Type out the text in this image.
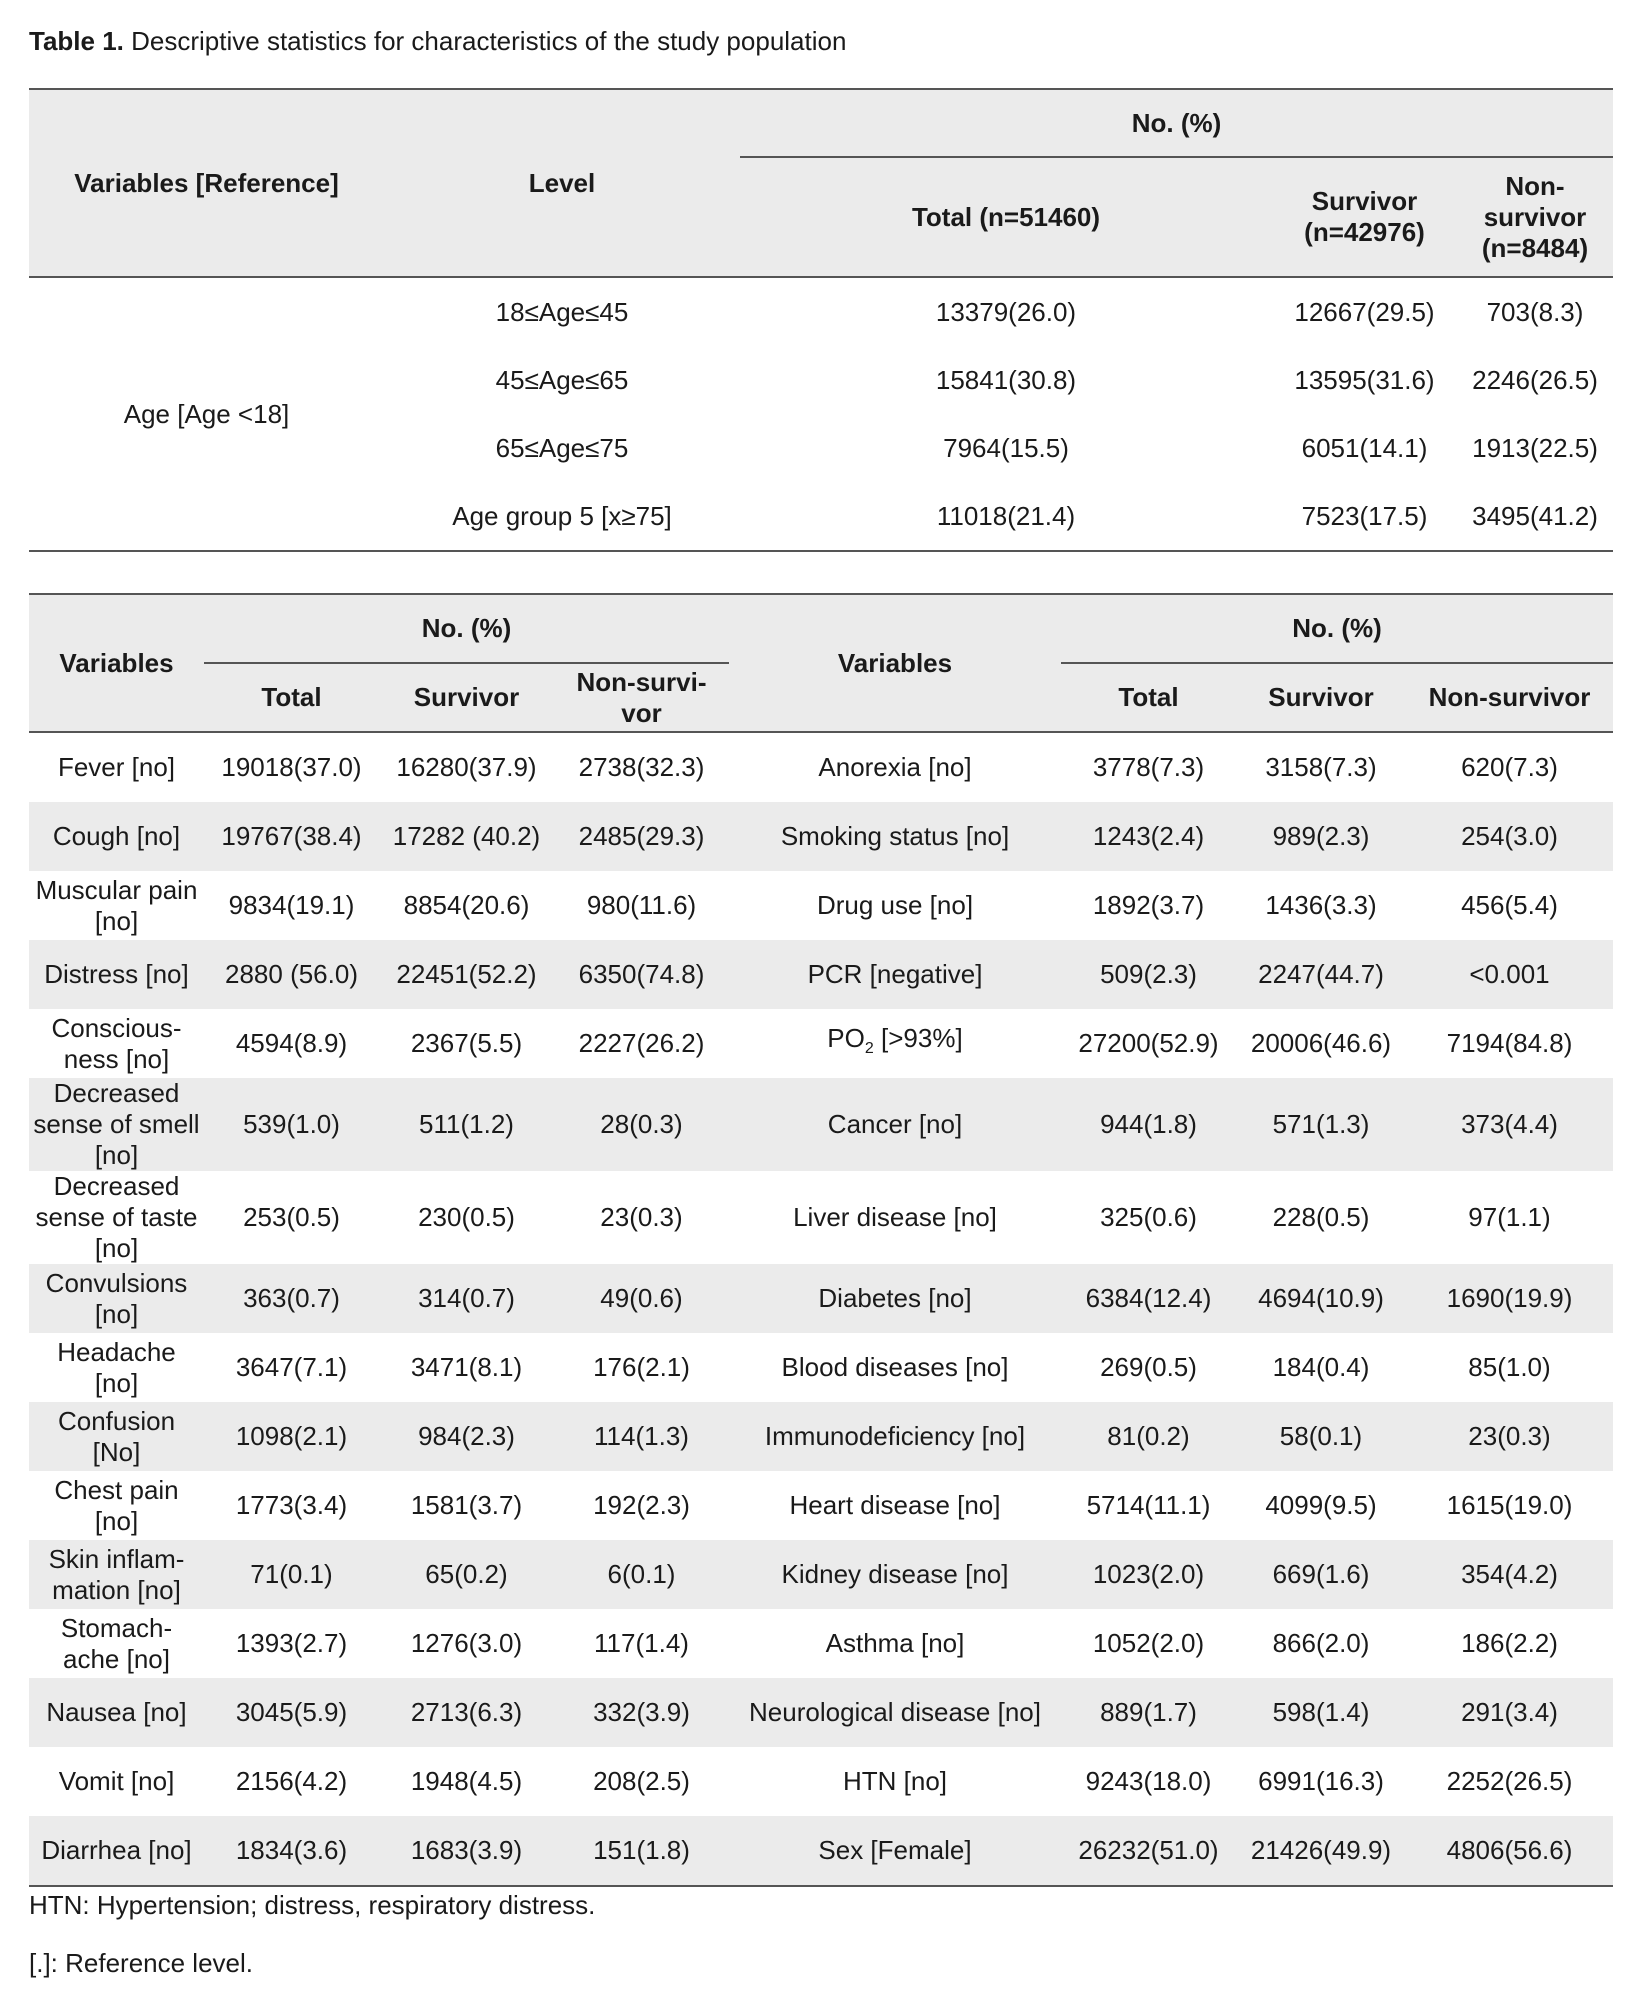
Table 1. Descriptive statistics for characteristics of the study population
Variables [Reference]	Level	No. (%)		
		Total (n=51460)	Survivor (n=42976)	Non-survivor (n=8484)
Age [Age <18]	18≤Age≤45	13379(26.0)	12667(29.5)	703(8.3)
	45≤Age≤65	15841(30.8)	13595(31.6)	2246(26.5)
	65≤Age≤75	7964(15.5)	6051(14.1)	1913(22.5)
	Age group 5 [x≥75]	11018(21.4)	7523(17.5)	3495(41.2)
Variables	No. (%)			Variables	No. (%)		
	Total	Survivor	Non-survi-vor		Total	Survivor	Non-survivor
Fever [no]	19018(37.0)	16280(37.9)	2738(32.3)	Anorexia [no]	3778(7.3)	3158(7.3)	620(7.3)
Cough [no]	19767(38.4)	17282 (40.2)	2485(29.3)	Smoking status [no]	1243(2.4)	989(2.3)	254(3.0)
Muscular pain [no]	9834(19.1)	8854(20.6)	980(11.6)	Drug use [no]	1892(3.7)	1436(3.3)	456(5.4)
Distress [no]	2880 (56.0)	22451(52.2)	6350(74.8)	PCR [negative]	509(2.3)	2247(44.7)	<0.001
Conscious-ness [no]	4594(8.9)	2367(5.5)	2227(26.2)	$PO_2$ [>93%]	27200(52.9)	20006(46.6)	7194(84.8)
Decreased sense of smell [no]	539(1.0)	511(1.2)	28(0.3)	Cancer [no]	944(1.8)	571(1.3)	373(4.4)
Decreased sense of taste [no]	253(0.5)	230(0.5)	23(0.3)	Liver disease [no]	325(0.6)	228(0.5)	97(1.1)
Convulsions [no]	363(0.7)	314(0.7)	49(0.6)	Diabetes [no]	6384(12.4)	4694(10.9)	1690(19.9)
Headache [no]	3647(7.1)	3471(8.1)	176(2.1)	Blood diseases [no]	269(0.5)	184(0.4)	85(1.0)
Confusion [No]	1098(2.1)	984(2.3)	114(1.3)	Immunodeficiency [no]	81(0.2)	58(0.1)	23(0.3)
Chest pain [no]	1773(3.4)	1581(3.7)	192(2.3)	Heart disease [no]	5714(11.1)	4099(9.5)	1615(19.0)
Skin inflam-mation [no]	71(0.1)	65(0.2)	6(0.1)	Kidney disease [no]	1023(2.0)	669(1.6)	354(4.2)
Stomach-ache [no]	1393(2.7)	1276(3.0)	117(1.4)	Asthma [no]	1052(2.0)	866(2.0)	186(2.2)
Nausea [no]	3045(5.9)	2713(6.3)	332(3.9)	Neurological disease [no]	889(1.7)	598(1.4)	291(3.4)
Vomit [no]	2156(4.2)	1948(4.5)	208(2.5)	HTN [no]	9243(18.0)	6991(16.3)	2252(26.5)
Diarrhea [no]	1834(3.6)	1683(3.9)	151(1.8)	Sex [Female]	26232(51.0)	21426(49.9)	4806(56.6)
HTN: Hypertension; distress, respiratory distress.
[.]: Reference level.
